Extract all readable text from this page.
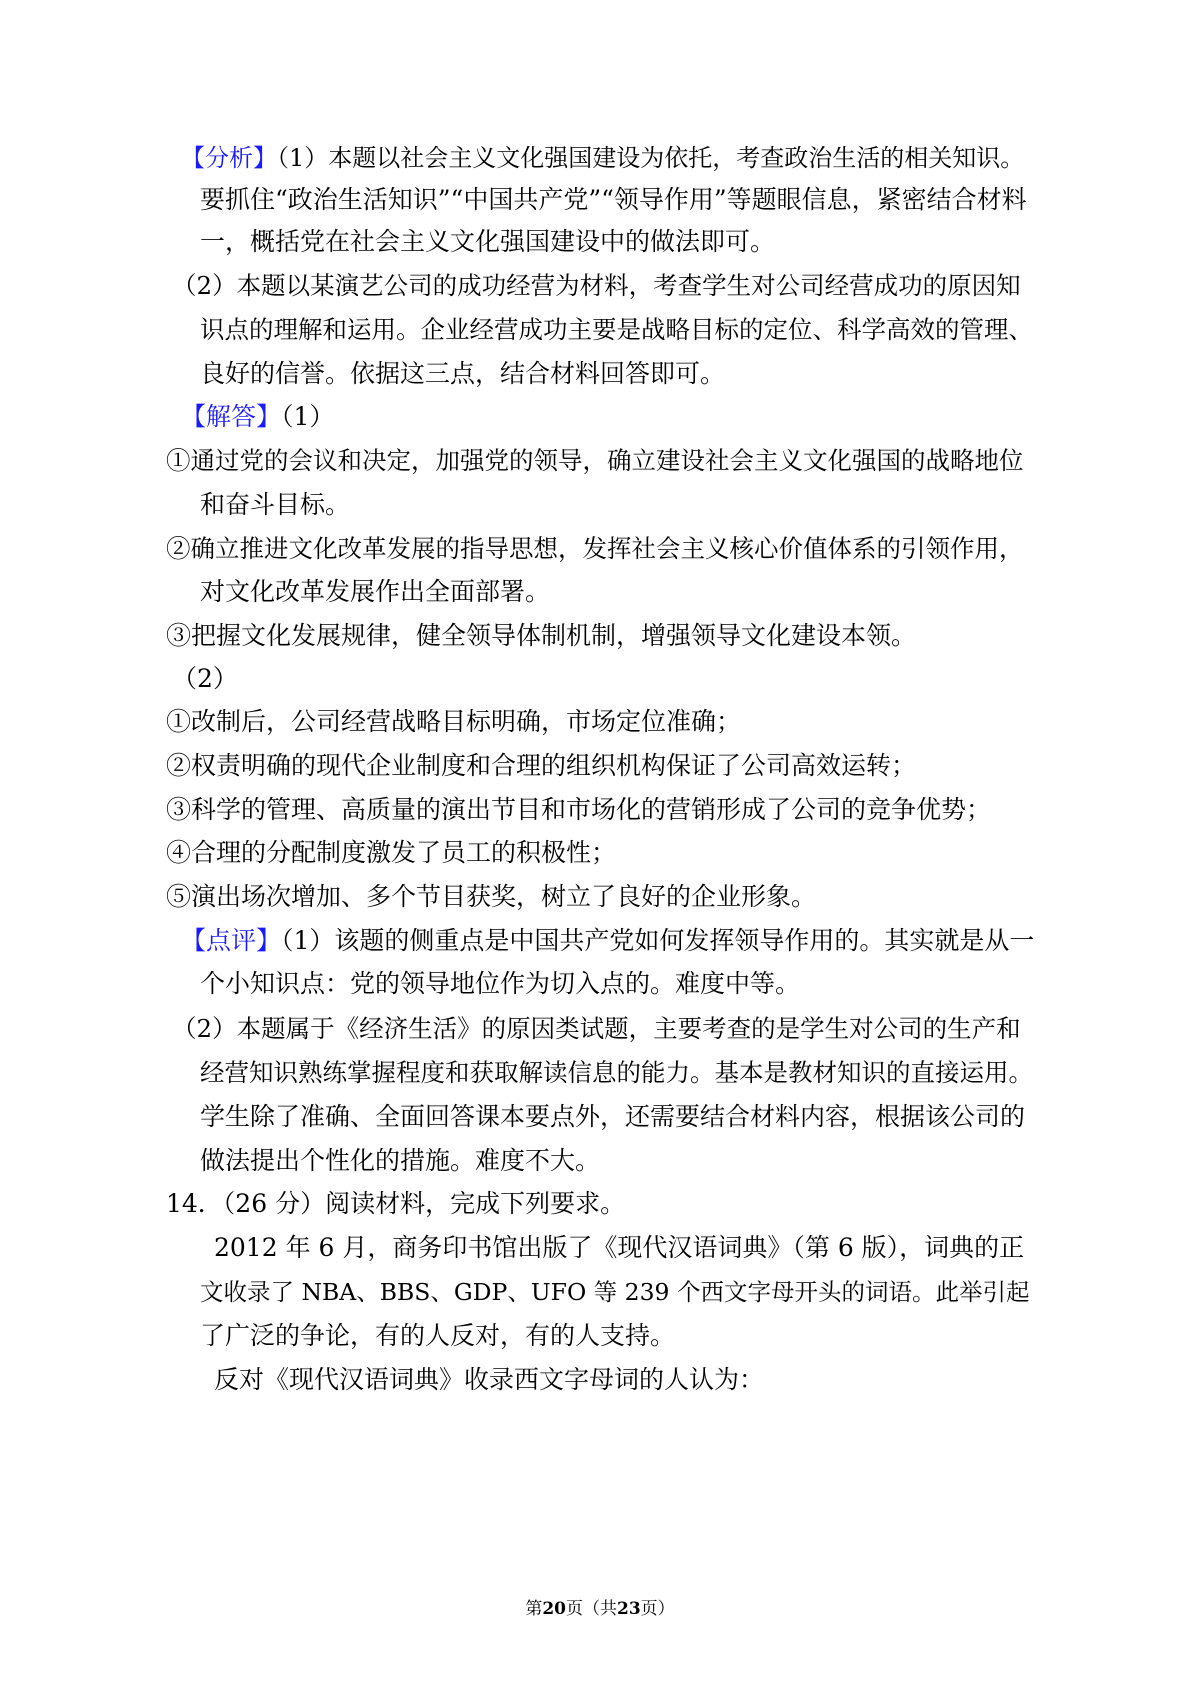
【分析】（1）本题以社会主义文化强国建设为依托，考查政治生活的相关知识。
要抓住“政治生活知识”“中国共产党”“领导作用”等题眼信息，紧密结合材料
一，概括党在社会主义文化强国建设中的做法即可。
（2）本题以某演艺公司的成功经营为材料，考查学生对公司经营成功的原因知
识点的理解和运用。企业经营成功主要是战略目标的定位、科学高效的管理、
良好的信誉。依据这三点，结合材料回答即可。
【解答】（1）
①通过党的会议和决定，加强党的领导，确立建设社会主义文化强国的战略地位
和奋斗目标。
②确立推进文化改革发展的指导思想，发挥社会主义核心价值体系的引领作用，
对文化改革发展作出全面部署。
③把握文化发展规律，健全领导体制机制，增强领导文化建设本领。
（2）
①改制后，公司经营战略目标明确，市场定位准确；
②权责明确的现代企业制度和合理的组织机构保证了公司高效运转；
③科学的管理、高质量的演出节目和市场化的营销形成了公司的竞争优势；
④合理的分配制度激发了员工的积极性；
⑤演出场次增加、多个节目获奖，树立了良好的企业形象。
【点评】（1）该题的侧重点是中国共产党如何发挥领导作用的。其实就是从一
个小知识点：党的领导地位作为切入点的。难度中等。
（2）本题属于《经济生活》的原因类试题，主要考查的是学生对公司的生产和
经营知识熟练掌握程度和获取解读信息的能力。基本是教材知识的直接运用。
学生除了准确、全面回答课本要点外，还需要结合材料内容，根据该公司的
做法提出个性化的措施。难度不大。
14．（26 分）阅读材料，完成下列要求。
2012 年 6 月，商务印书馆出版了《现代汉语词典》（第 6 版），词典的正
文收录了 NBA、BBS、GDP、UFO 等 239 个西文字母开头的词语。此举引起
了广泛的争论，有的人反对，有的人支持。
反对《现代汉语词典》收录西文字母词的人认为：
第20页（共23页）
